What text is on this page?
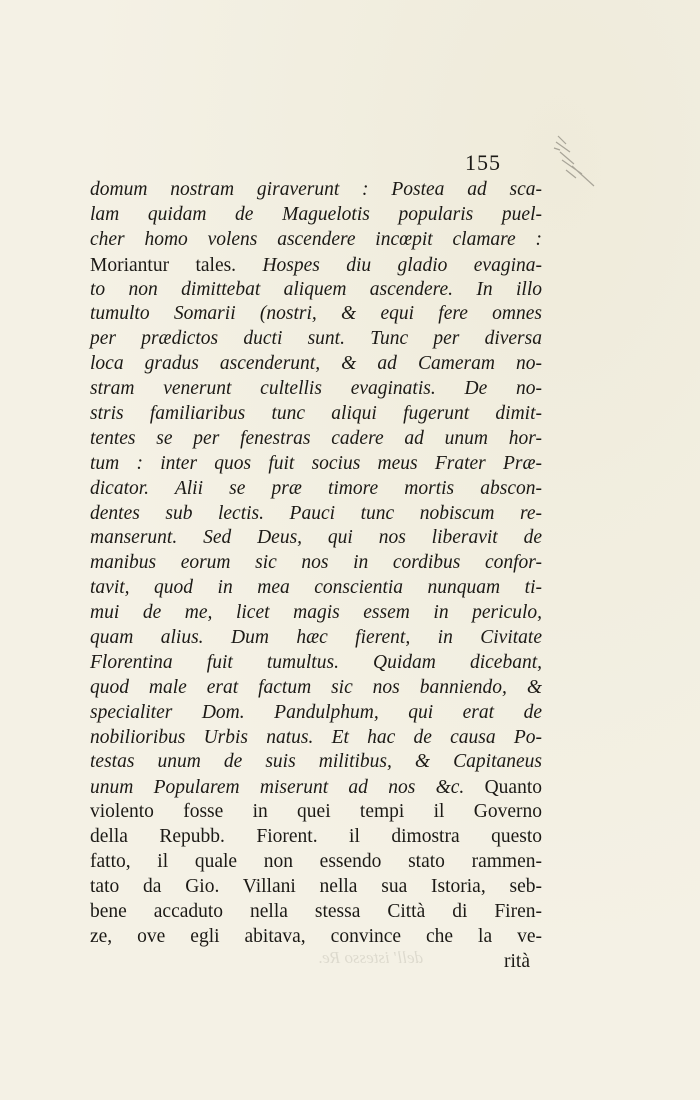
155
domum nostram giraverunt : Postea ad sca-
lam quidam de Maguelotis popularis puel-
cher homo volens ascendere incœpit clamare :
Moriantur tales. Hospes diu gladio evagina-
to non dimittebat aliquem ascendere. In illo
tumulto Somarii (nostri, & equi fere omnes
per prædictos ducti sunt. Tunc per diversa
loca gradus ascenderunt, & ad Cameram no-
stram venerunt cultellis evaginatis. De no-
stris familiaribus tunc aliqui fugerunt dimit-
tentes se per fenestras cadere ad unum hor-
tum : inter quos fuit socius meus Frater Præ-
dicator. Alii se præ timore mortis abscon-
dentes sub lectis. Pauci tunc nobiscum re-
manserunt. Sed Deus, qui nos liberavit de
manibus eorum sic nos in cordibus confor-
tavit, quod in mea conscientia nunquam ti-
mui de me, licet magis essem in periculo,
quam alius. Dum hæc fierent, in Civitate
Florentina fuit tumultus. Quidam dicebant,
quod male erat factum sic nos banniendo, &
specialiter Dom. Pandulphum, qui erat de
nobilioribus Urbis natus. Et hac de causa Po-
testas unum de suis militibus, & Capitaneus
unum Popularem miserunt ad nos &c. Quanto
violento fosse in quei tempi il Governo
della Repubb. Fiorent. il dimostra questo
fatto, il quale non essendo stato rammen-
tato da Gio. Villani nella sua Istoria, seb-
bene accaduto nella stessa Città di Firen-
ze, ove egli abitava, convince che la ve-
rità
dell' istesso Re.
